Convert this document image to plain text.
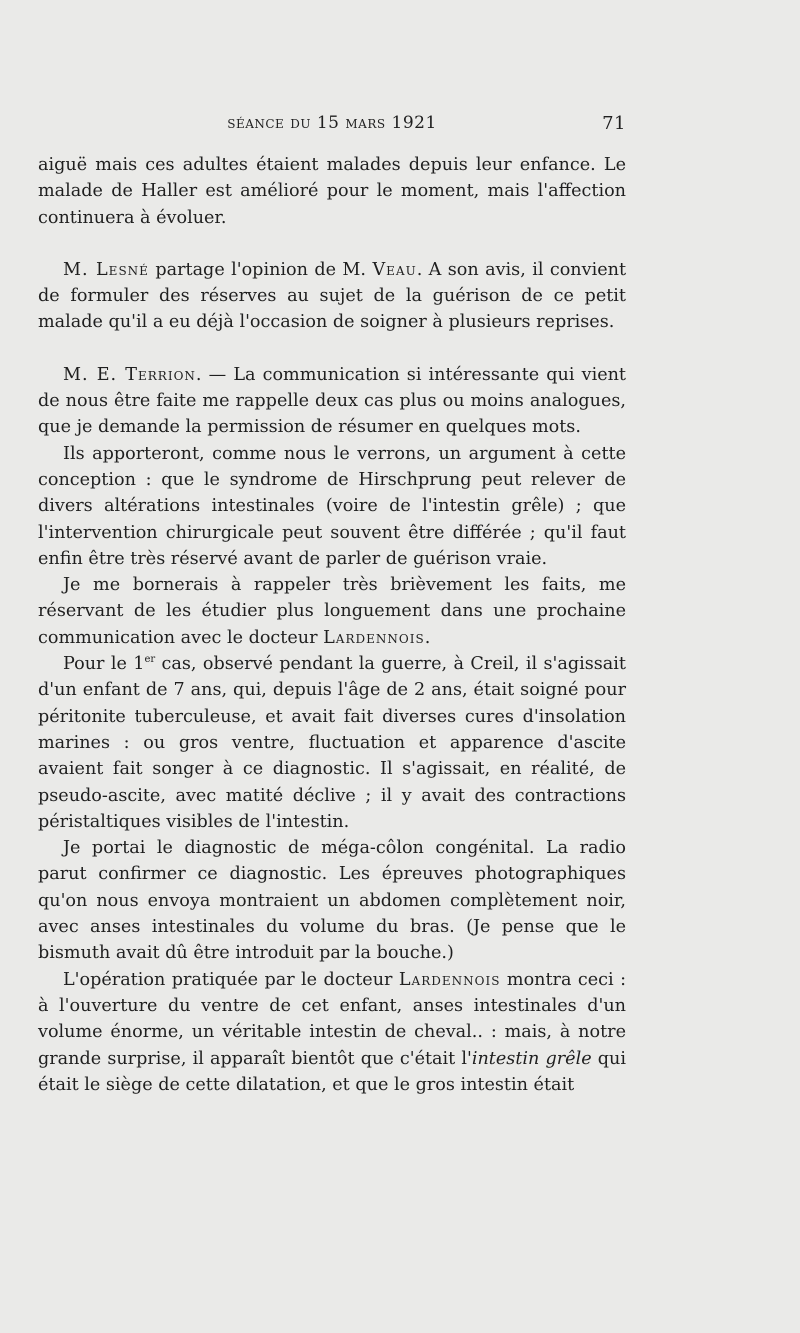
séance du 15 mars 1921	71

aiguë mais ces adultes étaient malades depuis leur enfance. Le malade de Haller est amélioré pour le moment, mais l'affection continuera à évoluer.

M. Lesné partage l'opinion de M. Veau. A son avis, il convient de formuler des réserves au sujet de la guérison de ce petit malade qu'il a eu déjà l'occasion de soigner à plusieurs reprises.

M. E. Terrion. — La communication si intéressante qui vient de nous être faite me rappelle deux cas plus ou moins analogues, que je demande la permission de résumer en quelques mots.

Ils apporteront, comme nous le verrons, un argument à cette conception : que le syndrome de Hirschprung peut relever de divers altérations intestinales (voire de l'intestin grêle) ; que l'intervention chirurgicale peut souvent être différée ; qu'il faut enfin être très réservé avant de parler de guérison vraie.

Je me bornerais à rappeler très brièvement les faits, me réservant de les étudier plus longuement dans une prochaine communication avec le docteur Lardennois.

Pour le 1er cas, observé pendant la guerre, à Creil, il s'agissait d'un enfant de 7 ans, qui, depuis l'âge de 2 ans, était soigné pour péritonite tuberculeuse, et avait fait diverses cures d'insolation marines : ou gros ventre, fluctuation et apparence d'ascite avaient fait songer à ce diagnostic. Il s'agissait, en réalité, de pseudo-ascite, avec matité déclive ; il y avait des contractions péristaltiques visibles de l'intestin.

Je portai le diagnostic de méga-côlon congénital. La radio parut confirmer ce diagnostic. Les épreuves photographiques qu'on nous envoya montraient un abdomen complètement noir, avec anses intestinales du volume du bras. (Je pense que le bismuth avait dû être introduit par la bouche.)

L'opération pratiquée par le docteur Lardennois montra ceci : à l'ouverture du ventre de cet enfant, anses intestinales d'un volume énorme, un véritable intestin de cheval.. : mais, à notre grande surprise, il apparaît bientôt que c'était l'intestin grêle qui était le siège de cette dilatation, et que le gros intestin était
